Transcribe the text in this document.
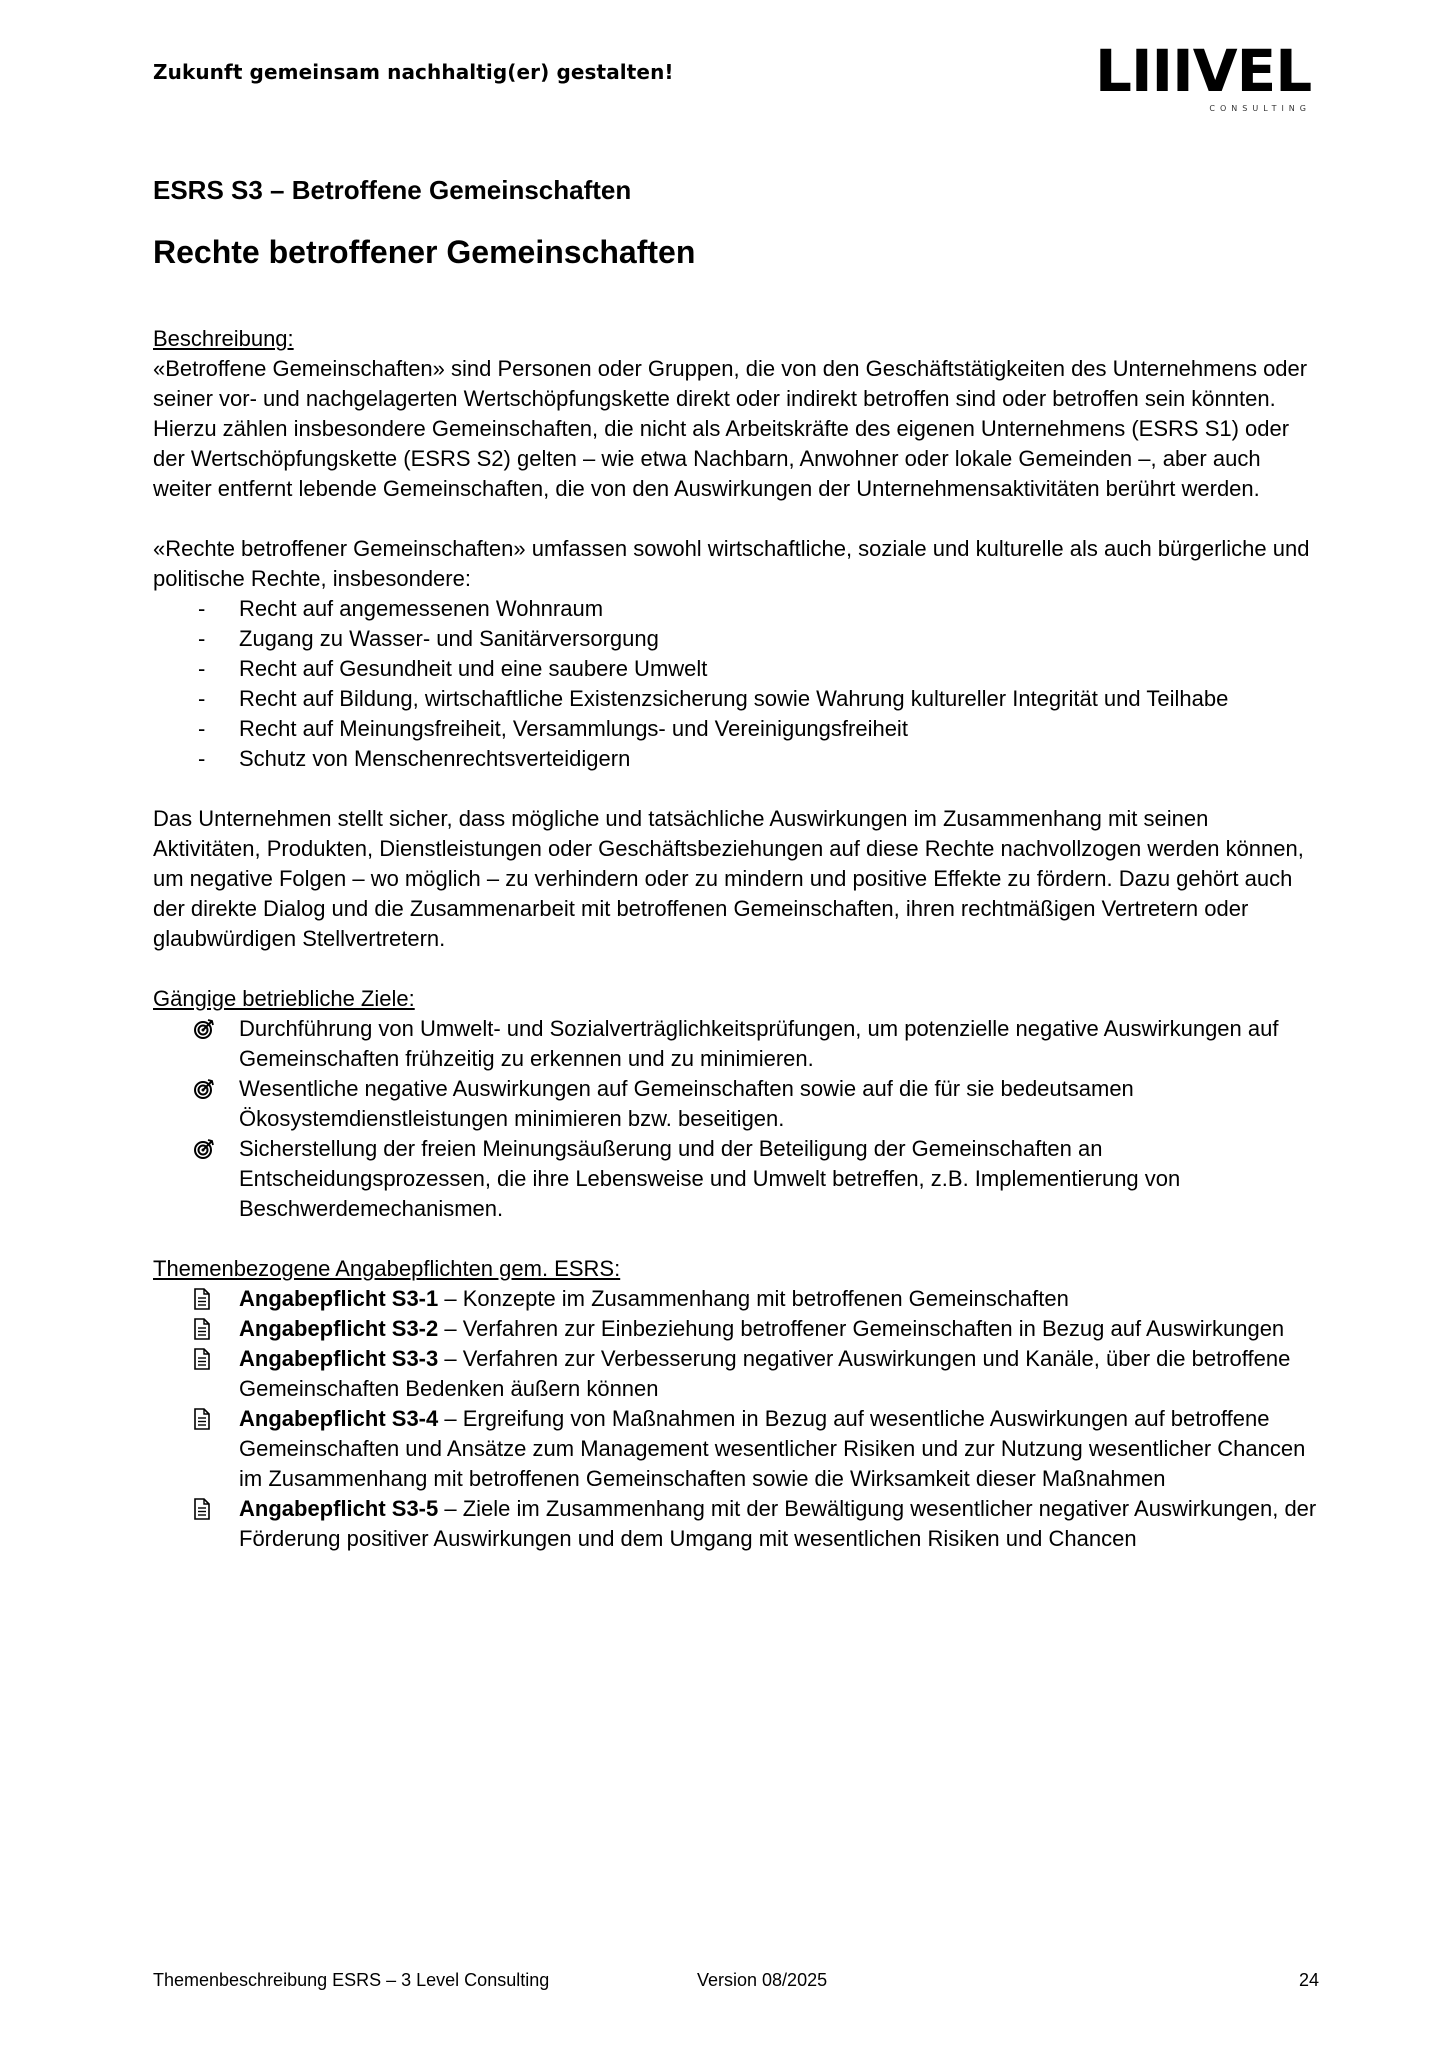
Zukunft gemeinsam nachhaltig(er) gestalten!	LIIIVEL
CONSULTING
ESRS S3 – Betroffene Gemeinschaften
Rechte betroffener Gemeinschaften
Beschreibung:

«Betroffene Gemeinschaften» sind Personen oder Gruppen, die von den Geschäftstätigkeiten des Unternehmens oder seiner vor- und nachgelagerten Wertschöpfungskette direkt oder indirekt betroffen sind oder betroffen sein könnten. Hierzu zählen insbesondere Gemeinschaften, die nicht als Arbeitskräfte des eigenen Unternehmens (ESRS S1) oder der Wertschöpfungskette (ESRS S2) gelten – wie etwa Nachbarn, Anwohner oder lokale Gemeinden –, aber auch weiter entfernt lebende Gemeinschaften, die von den Auswirkungen der Unternehmensaktivitäten berührt werden.

«Rechte betroffener Gemeinschaften» umfassen sowohl wirtschaftliche, soziale und kulturelle als auch bürgerliche und politische Rechte, insbesondere:

-	Recht auf angemessenen Wohnraum
-	Zugang zu Wasser- und Sanitärversorgung
-	Recht auf Gesundheit und eine saubere Umwelt
-	Recht auf Bildung, wirtschaftliche Existenzsicherung sowie Wahrung kultureller Integrität und Teilhabe
-	Recht auf Meinungsfreiheit, Versammlungs- und Vereinigungsfreiheit
-	Schutz von Menschenrechtsverteidigern

Das Unternehmen stellt sicher, dass mögliche und tatsächliche Auswirkungen im Zusammenhang mit seinen Aktivitäten, Produkten, Dienstleistungen oder Geschäftsbeziehungen auf diese Rechte nachvollzogen werden können, um negative Folgen – wo möglich – zu verhindern oder zu mindern und positive Effekte zu fördern. Dazu gehört auch der direkte Dialog und die Zusammenarbeit mit betroffenen Gemeinschaften, ihren rechtmäßigen Vertretern oder glaubwürdigen Stellvertretern.

Gängige betriebliche Ziele:
Durchführung von Umwelt- und Sozialverträglichkeitsprüfungen, um potenzielle negative Auswirkungen auf Gemeinschaften frühzeitig zu erkennen und zu minimieren.
Wesentliche negative Auswirkungen auf Gemeinschaften sowie auf die für sie bedeutsamen Ökosystemdienstleistungen minimieren bzw. beseitigen.
Sicherstellung der freien Meinungsäußerung und der Beteiligung der Gemeinschaften an Entscheidungsprozessen, die ihre Lebensweise und Umwelt betreffen, z.B. Implementierung von Beschwerdemechanismen.
Themenbezogene Angabepflichten gem. ESRS:
Angabepflicht S3-1 – Konzepte im Zusammenhang mit betroffenen Gemeinschaften
Angabepflicht S3-2 – Verfahren zur Einbeziehung betroffener Gemeinschaften in Bezug auf Auswirkungen
Angabepflicht S3-3 – Verfahren zur Verbesserung negativer Auswirkungen und Kanäle, über die betroffene Gemeinschaften Bedenken äußern können
Angabepflicht S3-4 – Ergreifung von Maßnahmen in Bezug auf wesentliche Auswirkungen auf betroffene Gemeinschaften und Ansätze zum Management wesentlicher Risiken und zur Nutzung wesentlicher Chancen im Zusammenhang mit betroffenen Gemeinschaften sowie die Wirksamkeit dieser Maßnahmen
Angabepflicht S3-5 – Ziele im Zusammenhang mit der Bewältigung wesentlicher negativer Auswirkungen, der Förderung positiver Auswirkungen und dem Umgang mit wesentlichen Risiken und Chancen
Themenbeschreibung ESRS – 3 Level Consulting	Version 08/2025	24
